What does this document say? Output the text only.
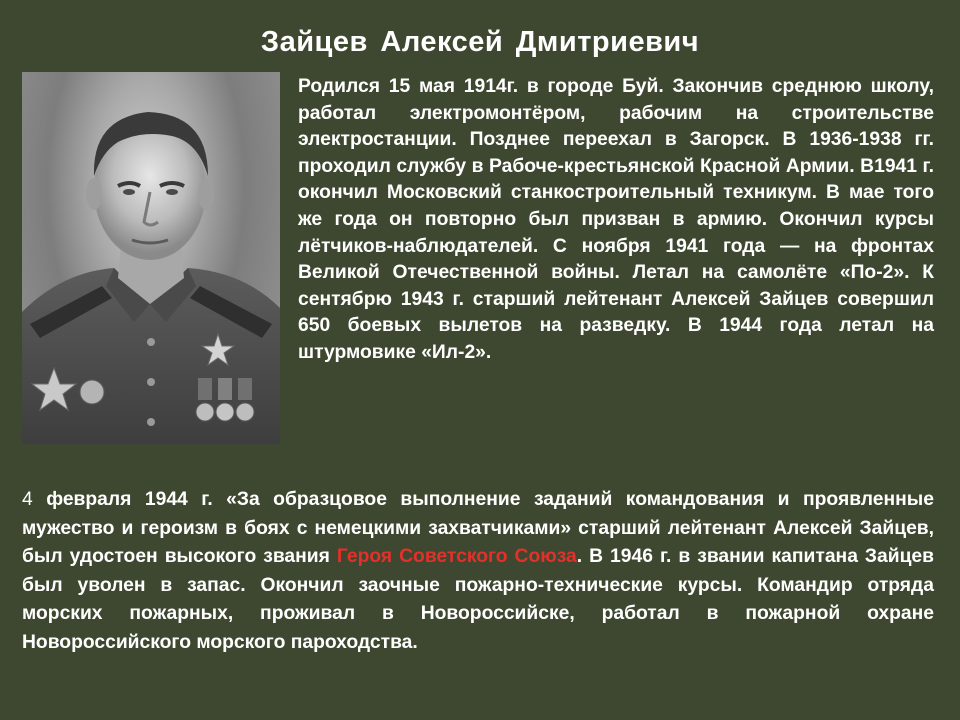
Зайцев Алексей Дмитриевич
Родился 15 мая 1914г. в городе Буй. Закончив среднюю школу, работал электромонтёром, рабочим на строительстве электростанции. Позднее переехал в Загорск. В 1936-1938 гг. проходил службу в Рабоче-крестьянской Красной Армии. В1941 г. окончил Московский станкостроительный техникум. В мае того же года он повторно был призван в армию. Окончил курсы лётчиков-наблюдателей. С ноября 1941 года — на фронтах Великой Отечественной войны. Летал на самолёте «По-2». К сентябрю 1943 г. старший лейтенант Алексей Зайцев совершил 650 боевых вылетов на разведку. В 1944 года летал на штурмовике «Ил-2».
4 февраля 1944 г. «За образцовое выполнение заданий командования и проявленные мужество и героизм в боях с немецкими захватчиками» старший лейтенант Алексей Зайцев, был удостоен высокого звания Героя Советского Союза. В 1946 г. в звании капитана Зайцев был уволен в запас. Окончил заочные пожарно-технические курсы. Командир отряда морских пожарных, проживал в Новороссийске, работал в пожарной охране Новороссийского морского пароходства.
